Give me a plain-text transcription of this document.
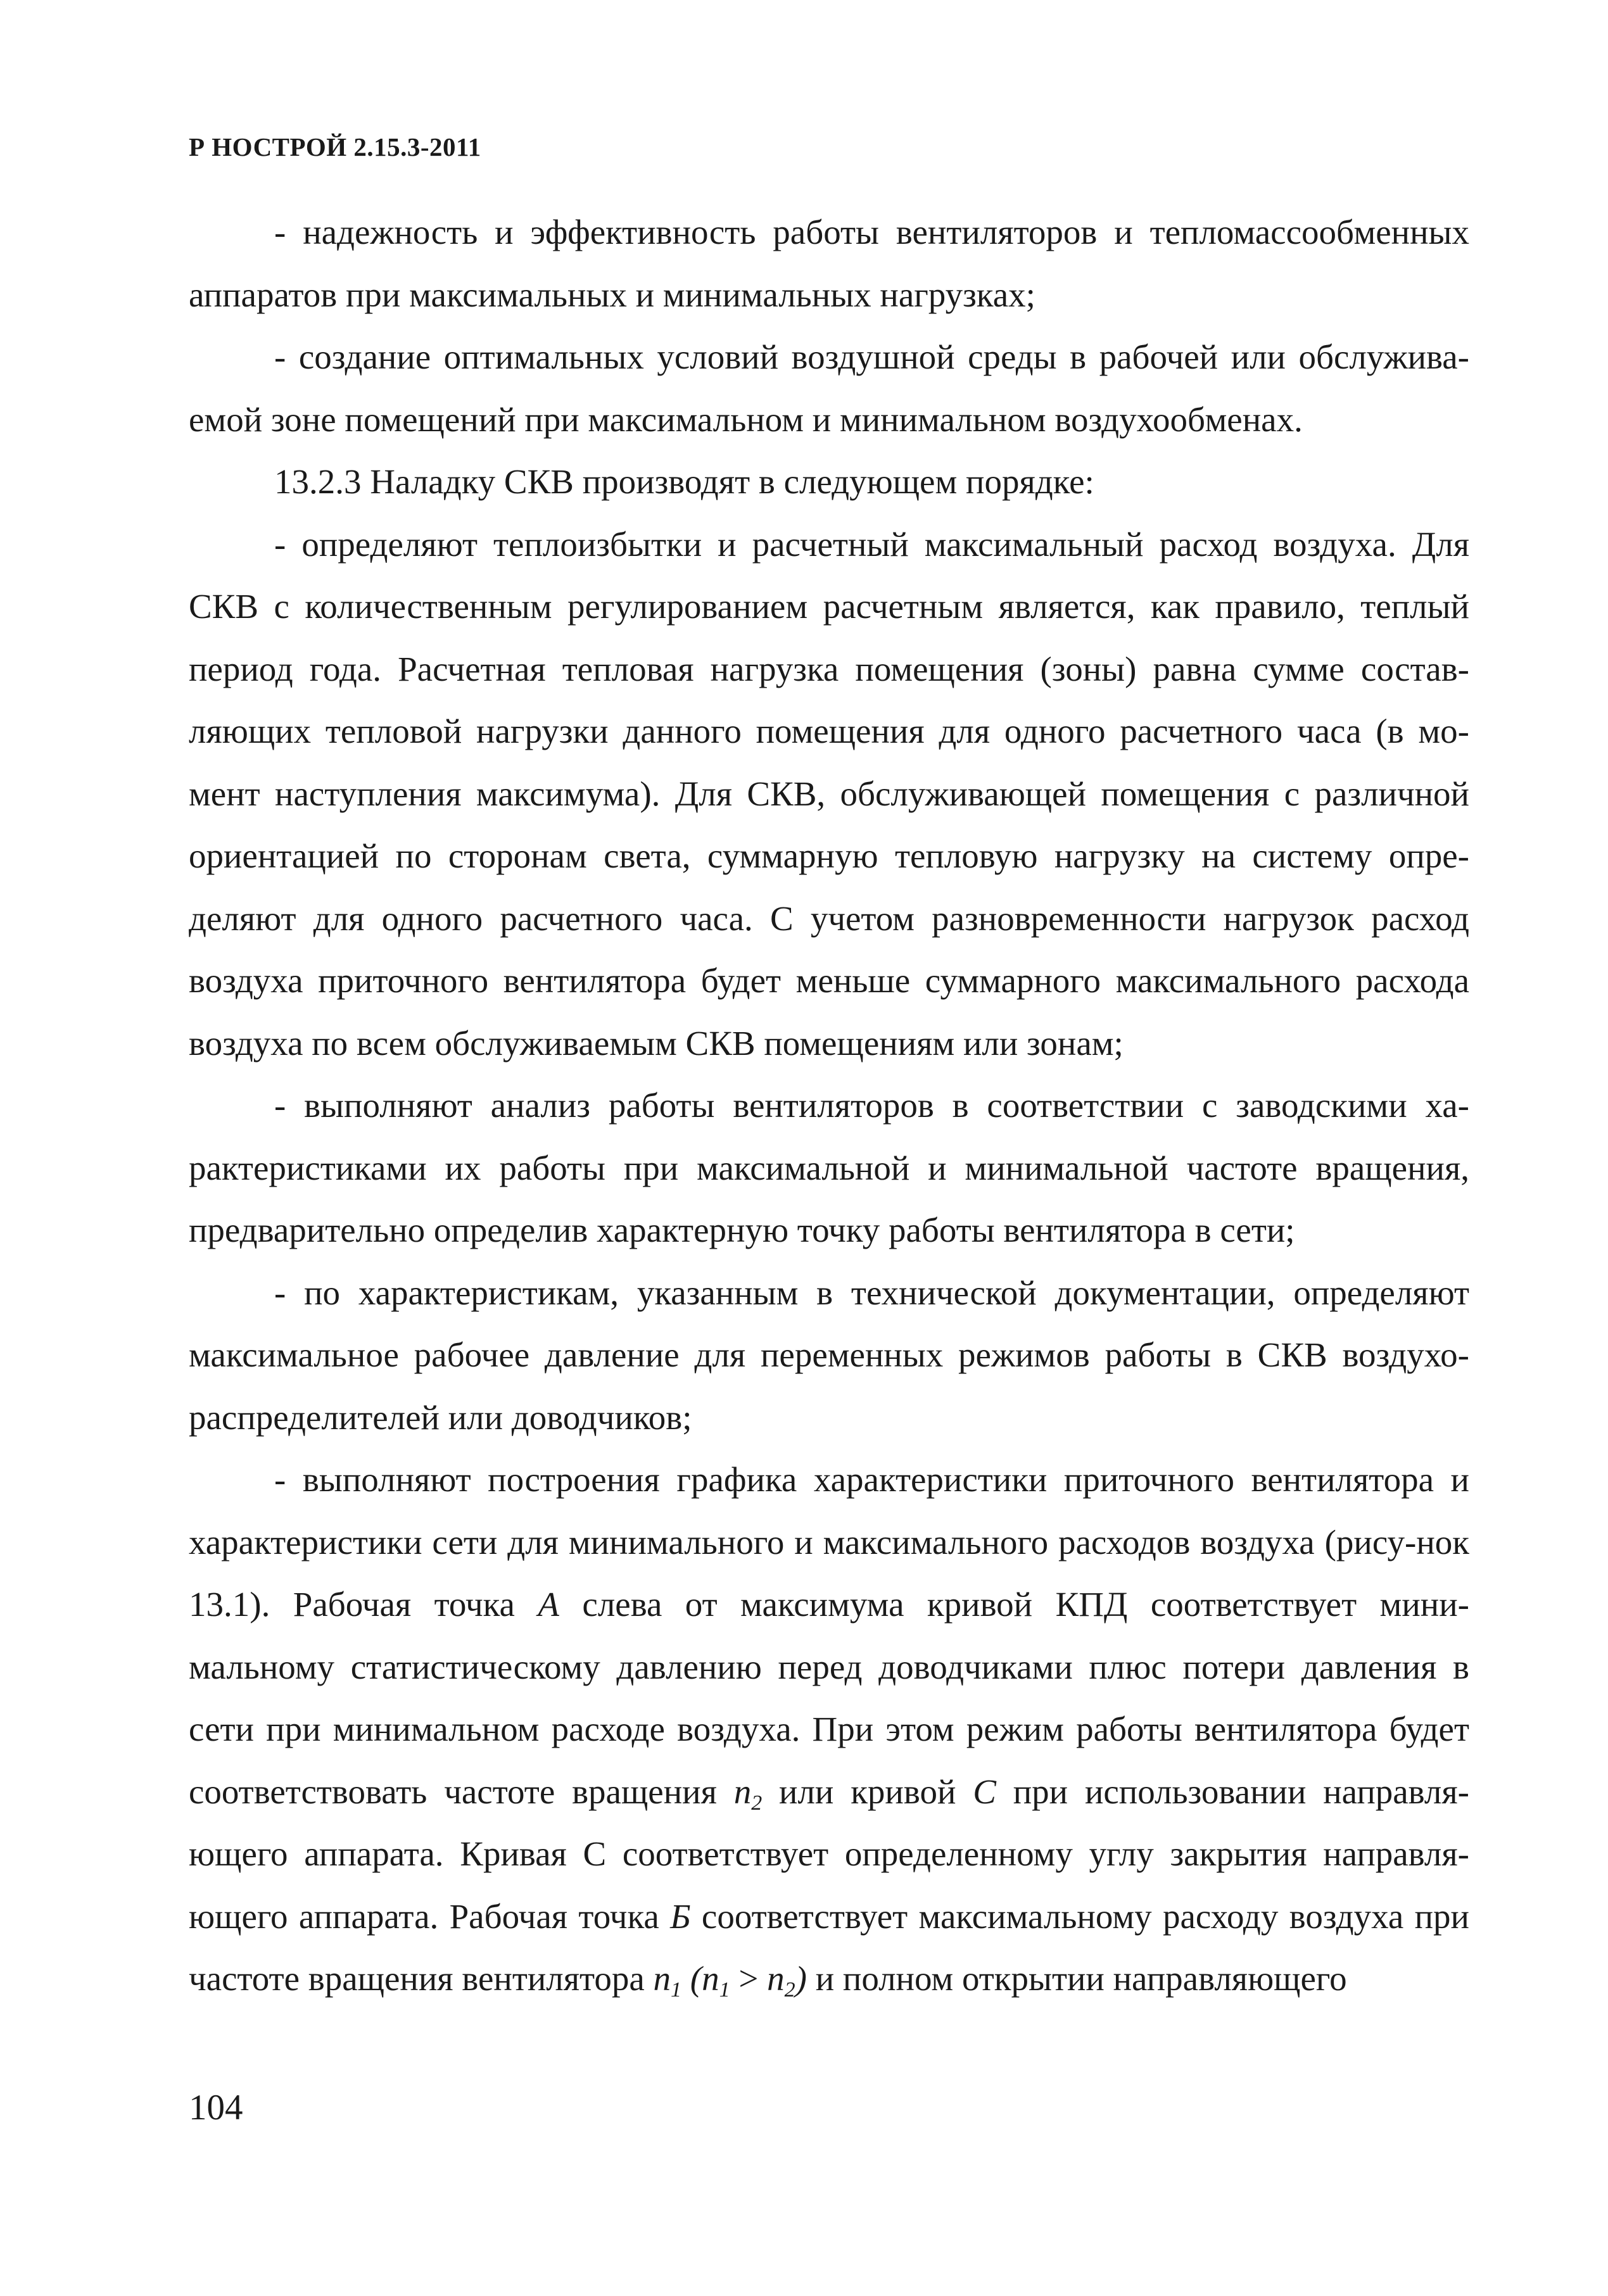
Р НОСТРОЙ 2.15.3-2011

- надежность и эффективность работы вентиляторов и тепломассообменных аппаратов при максимальных и минимальных нагрузках;

- создание оптимальных условий воздушной среды в рабочей или обслужива-емой зоне помещений при максимальном и минимальном воздухообменах.

13.2.3 Наладку СКВ производят в следующем порядке:

- определяют теплоизбытки и расчетный максимальный расход воздуха. Для СКВ с количественным регулированием расчетным является, как правило, теплый период года. Расчетная тепловая нагрузка помещения (зоны) равна сумме состав-ляющих тепловой нагрузки данного помещения для одного расчетного часа (в мо-мент наступления максимума). Для СКВ, обслуживающей помещения с различной ориентацией по сторонам света, суммарную тепловую нагрузку на систему опре-деляют для одного расчетного часа. С учетом разновременности нагрузок расход воздуха приточного вентилятора будет меньше суммарного максимального расхода воздуха по всем обслуживаемым СКВ помещениям или зонам;

- выполняют анализ работы вентиляторов в соответствии с заводскими ха-рактеристиками их работы при максимальной и минимальной частоте вращения, предварительно определив характерную точку работы вентилятора в сети;

- по характеристикам, указанным в технической документации, определяют максимальное рабочее давление для переменных режимов работы в СКВ воздухо-распределителей или доводчиков;

- выполняют построения графика характеристики приточного вентилятора и характеристики сети для минимального и максимального расходов воздуха (рису-нок 13.1). Рабочая точка А слева от максимума кривой КПД соответствует мини-мальному статистическому давлению перед доводчиками плюс потери давления в сети при минимальном расходе воздуха. При этом режим работы вентилятора будет соответствовать частоте вращения $n_2$ или кривой С при использовании направля-ющего аппарата. Кривая С соответствует определенному углу закрытия направля-ющего аппарата. Рабочая точка Б соответствует максимальному расходу воздуха при частоте вращения вентилятора $n_1$ $(n_1 > n_2)$ и полном открытии направляющего

104
